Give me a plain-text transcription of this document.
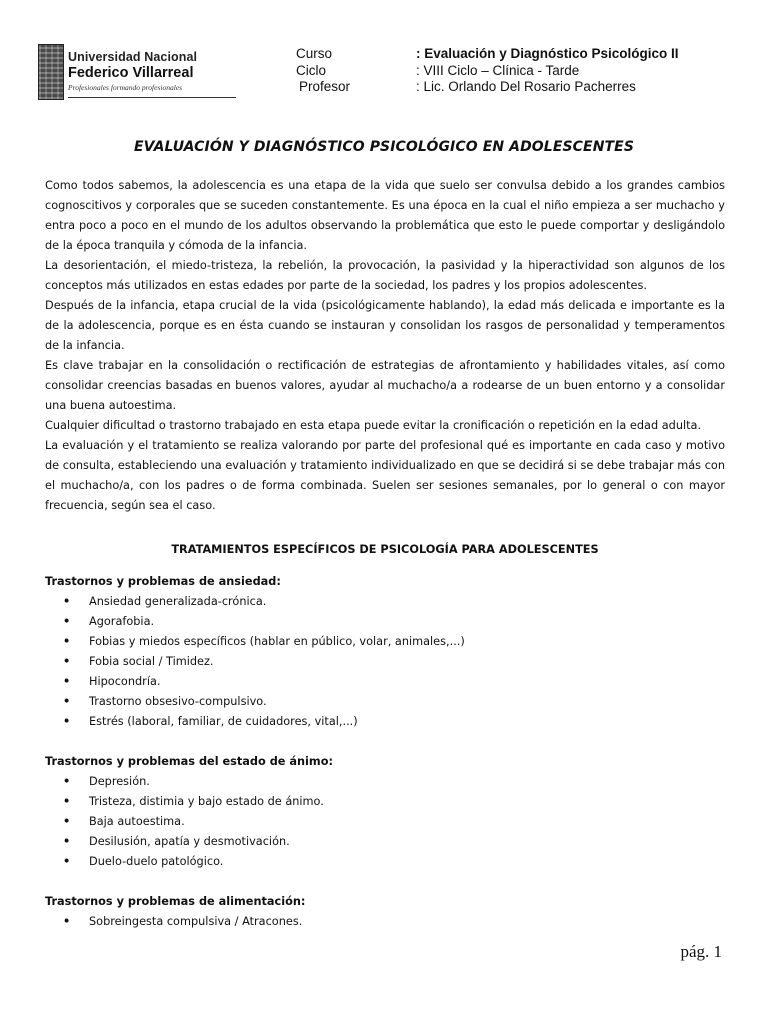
Universidad Nacional
Federico Villarreal
Profesionales formando profesionales
Curso	: Evaluación y Diagnóstico Psicológico II
Ciclo	: VIII Ciclo – Clínica - Tarde
Profesor	: Lic. Orlando Del Rosario Pacherres
EVALUACIÓN Y DIAGNÓSTICO PSICOLÓGICO EN ADOLESCENTES

Como todos sabemos, la adolescencia es una etapa de la vida que suelo ser convulsa debido a los grandes cambios cognoscitivos y corporales que se suceden constantemente. Es una época en la cual el niño empieza a ser muchacho y entra poco a poco en el mundo de los adultos observando la problemática que esto le puede comportar y desligándolo de la época tranquila y cómoda de la infancia.

La desorientación, el miedo-tristeza, la rebelión, la provocación, la pasividad y la hiperactividad son algunos de los conceptos más utilizados en estas edades por parte de la sociedad, los padres y los propios adolescentes.

Después de la infancia, etapa crucial de la vida (psicológicamente hablando), la edad más delicada e importante es la de la adolescencia, porque es en ésta cuando se instauran y consolidan los rasgos de personalidad y temperamentos de la infancia.

Es clave trabajar en la consolidación o rectificación de estrategias de afrontamiento y habilidades vitales, así como consolidar creencias basadas en buenos valores, ayudar al muchacho/a a rodearse de un buen entorno y a consolidar una buena autoestima.

Cualquier dificultad o trastorno trabajado en esta etapa puede evitar la cronificación o repetición en la edad adulta.

La evaluación y el tratamiento se realiza valorando por parte del profesional qué es importante en cada caso y motivo de consulta, estableciendo una evaluación y tratamiento individualizado en que se decidirá si se debe trabajar más con el muchacho/a, con los padres o de forma combinada. Suelen ser sesiones semanales, por lo general o con mayor frecuencia, según sea el caso.

TRATAMIENTOS ESPECÍFICOS DE PSICOLOGÍA PARA ADOLESCENTES
Trastornos y problemas de ansiedad:
• Ansiedad generalizada-crónica.
• Agorafobia.
• Fobias y miedos específicos (hablar en público, volar, animales,...)
• Fobia social / Timidez.
• Hipocondría.
• Trastorno obsesivo-compulsivo.
• Estrés (laboral, familiar, de cuidadores, vital,...)
Trastornos y problemas del estado de ánimo:
• Depresión.
• Tristeza, distimia y bajo estado de ánimo.
• Baja autoestima.
• Desilusión, apatía y desmotivación.
• Duelo-duelo patológico.
Trastornos y problemas de alimentación:
• Sobreingesta compulsiva / Atracones.
pág. 1
